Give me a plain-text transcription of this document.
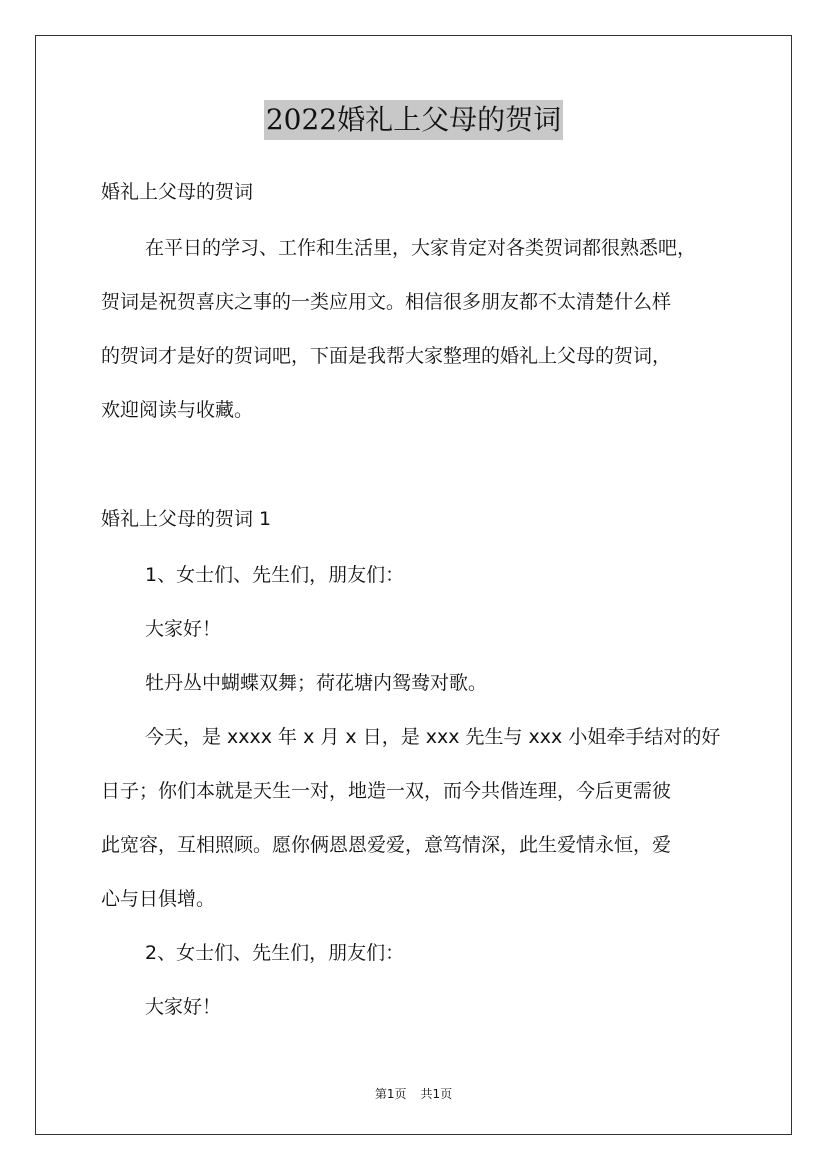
2022婚礼上父母的贺词
婚礼上父母的贺词
在平日的学习、工作和生活里，大家肯定对各类贺词都很熟悉吧，
贺词是祝贺喜庆之事的一类应用文。相信很多朋友都不太清楚什么样
的贺词才是好的贺词吧，下面是我帮大家整理的婚礼上父母的贺词，
欢迎阅读与收藏。
婚礼上父母的贺词 1
1、女士们、先生们，朋友们：
大家好！
牡丹丛中蝴蝶双舞；荷花塘内鸳鸯对歌。
今天，是 xxxx 年 x 月 x 日，是 xxx 先生与 xxx 小姐牵手结对的好
日子；你们本就是天生一对，地造一双，而今共偕连理，今后更需彼
此宽容，互相照顾。愿你俩恩恩爱爱，意笃情深，此生爱情永恒，爱
心与日俱增。
2、女士们、先生们，朋友们：
大家好！
第1页 共1页
